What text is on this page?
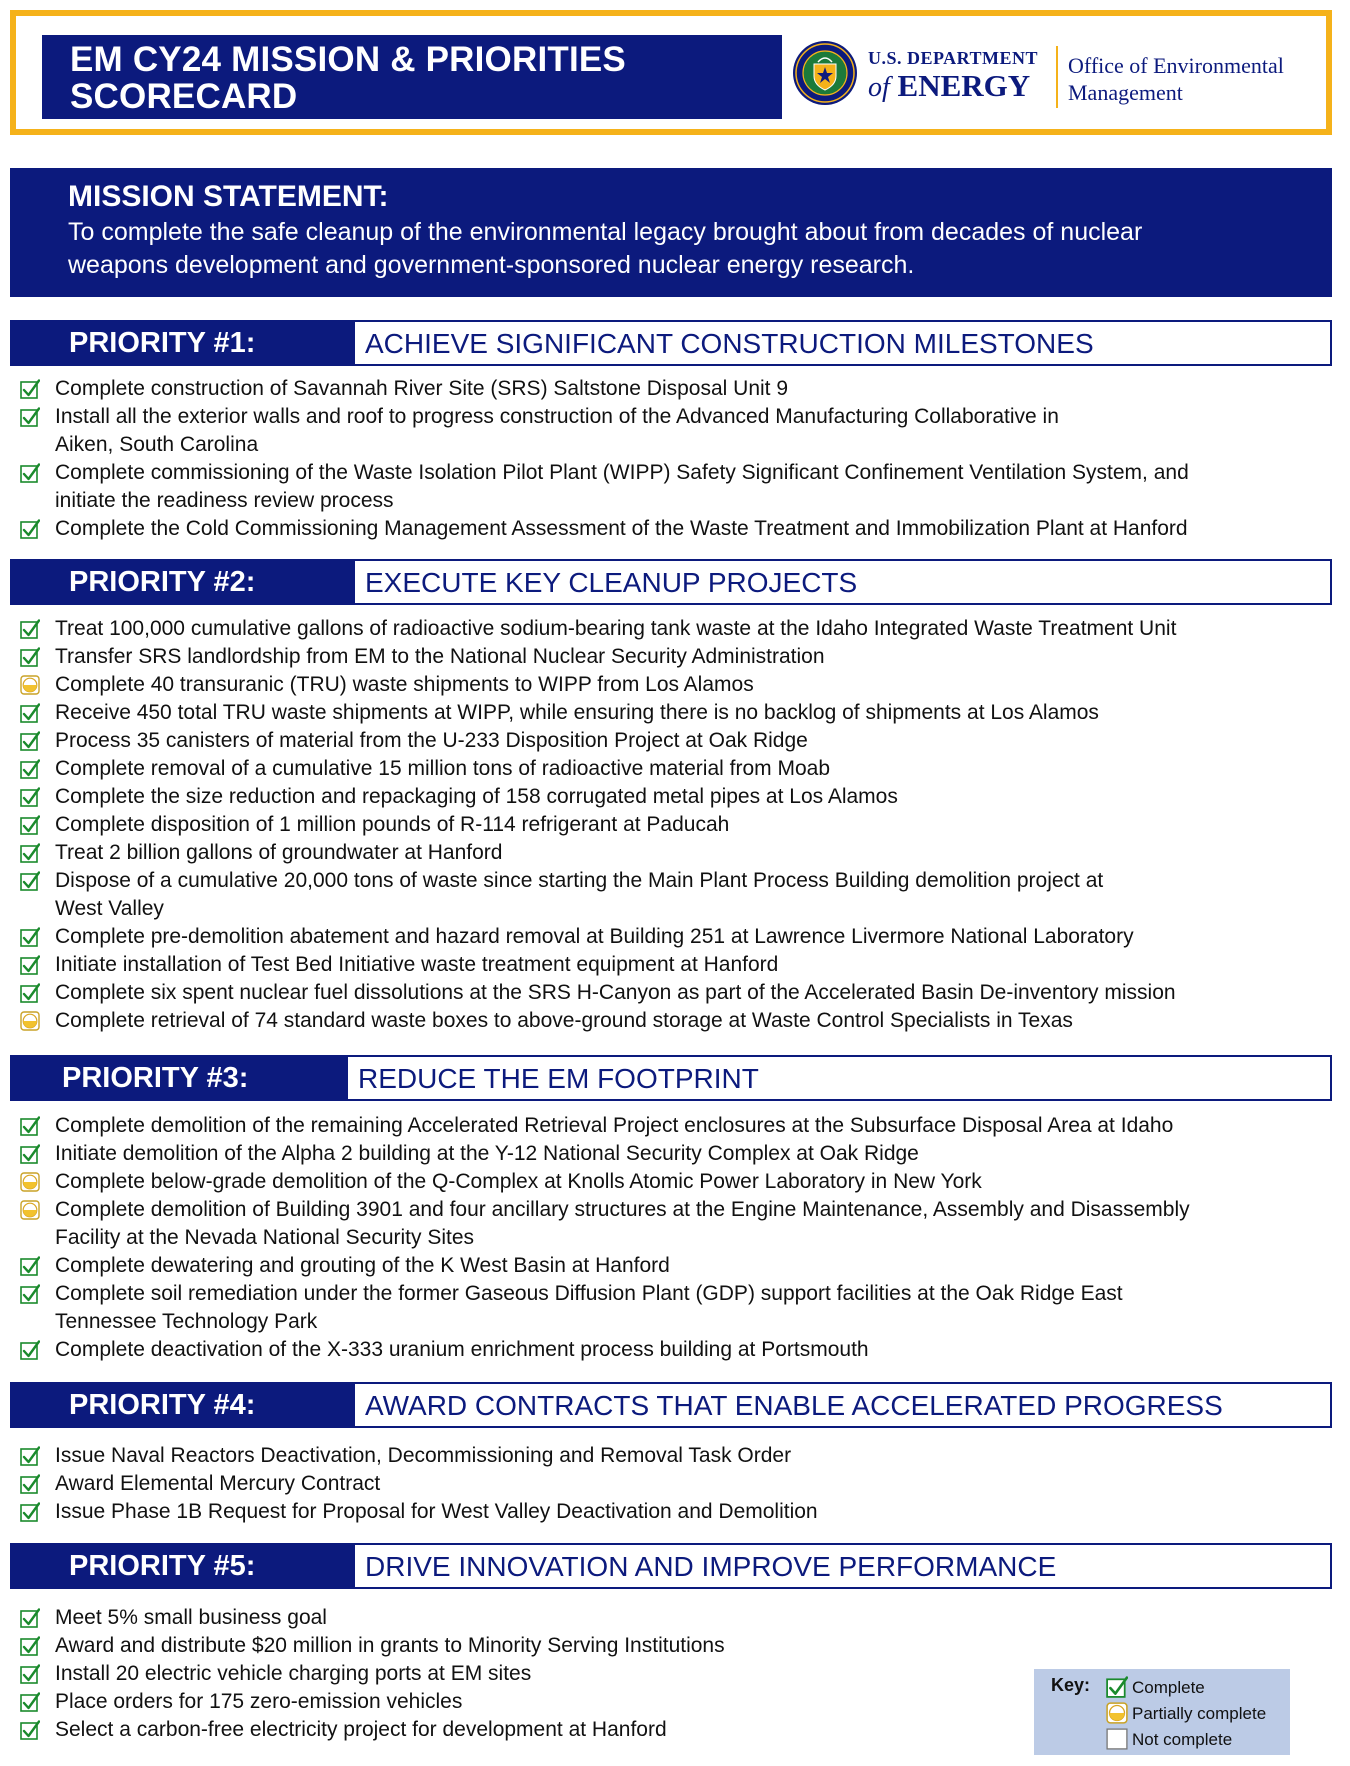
EM CY24 MISSION & PRIORITIES
SCORECARD
U.S. DEPARTMENT
of ENERGY
Office of Environmental
Management
MISSION STATEMENT:
To complete the safe cleanup of the environmental legacy brought about from decades of nuclear
weapons development and government-sponsored nuclear energy research.
PRIORITY #1:	ACHIEVE SIGNIFICANT CONSTRUCTION MILESTONES
Complete construction of Savannah River Site (SRS) Saltstone Disposal Unit 9
Install all the exterior walls and roof to progress construction of the Advanced Manufacturing Collaborative in
Aiken, South Carolina
Complete commissioning of the Waste Isolation Pilot Plant (WIPP) Safety Significant Confinement Ventilation System, and
initiate the readiness review process
Complete the Cold Commissioning Management Assessment of the Waste Treatment and Immobilization Plant at Hanford
PRIORITY #2:	EXECUTE KEY CLEANUP PROJECTS
Treat 100,000 cumulative gallons of radioactive sodium-bearing tank waste at the Idaho Integrated Waste Treatment Unit
Transfer SRS landlordship from EM to the National Nuclear Security Administration
Complete 40 transuranic (TRU) waste shipments to WIPP from Los Alamos
Receive 450 total TRU waste shipments at WIPP, while ensuring there is no backlog of shipments at Los Alamos
Process 35 canisters of material from the U-233 Disposition Project at Oak Ridge
Complete removal of a cumulative 15 million tons of radioactive material from Moab
Complete the size reduction and repackaging of 158 corrugated metal pipes at Los Alamos
Complete disposition of 1 million pounds of R-114 refrigerant at Paducah
Treat 2 billion gallons of groundwater at Hanford
Dispose of a cumulative 20,000 tons of waste since starting the Main Plant Process Building demolition project at
West Valley
Complete pre-demolition abatement and hazard removal at Building 251 at Lawrence Livermore National Laboratory
Initiate installation of Test Bed Initiative waste treatment equipment at Hanford
Complete six spent nuclear fuel dissolutions at the SRS H-Canyon as part of the Accelerated Basin De-inventory mission
Complete retrieval of 74 standard waste boxes to above-ground storage at Waste Control Specialists in Texas
PRIORITY #3:	REDUCE THE EM FOOTPRINT
Complete demolition of the remaining Accelerated Retrieval Project enclosures at the Subsurface Disposal Area at Idaho
Initiate demolition of the Alpha 2 building at the Y-12 National Security Complex at Oak Ridge
Complete below-grade demolition of the Q-Complex at Knolls Atomic Power Laboratory in New York
Complete demolition of Building 3901 and four ancillary structures at the Engine Maintenance, Assembly and Disassembly
Facility at the Nevada National Security Sites
Complete dewatering and grouting of the K West Basin at Hanford
Complete soil remediation under the former Gaseous Diffusion Plant (GDP) support facilities at the Oak Ridge East
Tennessee Technology Park
Complete deactivation of the X-333 uranium enrichment process building at Portsmouth
PRIORITY #4:	AWARD CONTRACTS THAT ENABLE ACCELERATED PROGRESS
Issue Naval Reactors Deactivation, Decommissioning and Removal Task Order
Award Elemental Mercury Contract
Issue Phase 1B Request for Proposal for West Valley Deactivation and Demolition
PRIORITY #5:	DRIVE INNOVATION AND IMPROVE PERFORMANCE
Meet 5% small business goal
Award and distribute $20 million in grants to Minority Serving Institutions
Install 20 electric vehicle charging ports at EM sites
Place orders for 175 zero-emission vehicles
Select a carbon-free electricity project for development at Hanford
Key: Complete
Partially complete
Not complete
